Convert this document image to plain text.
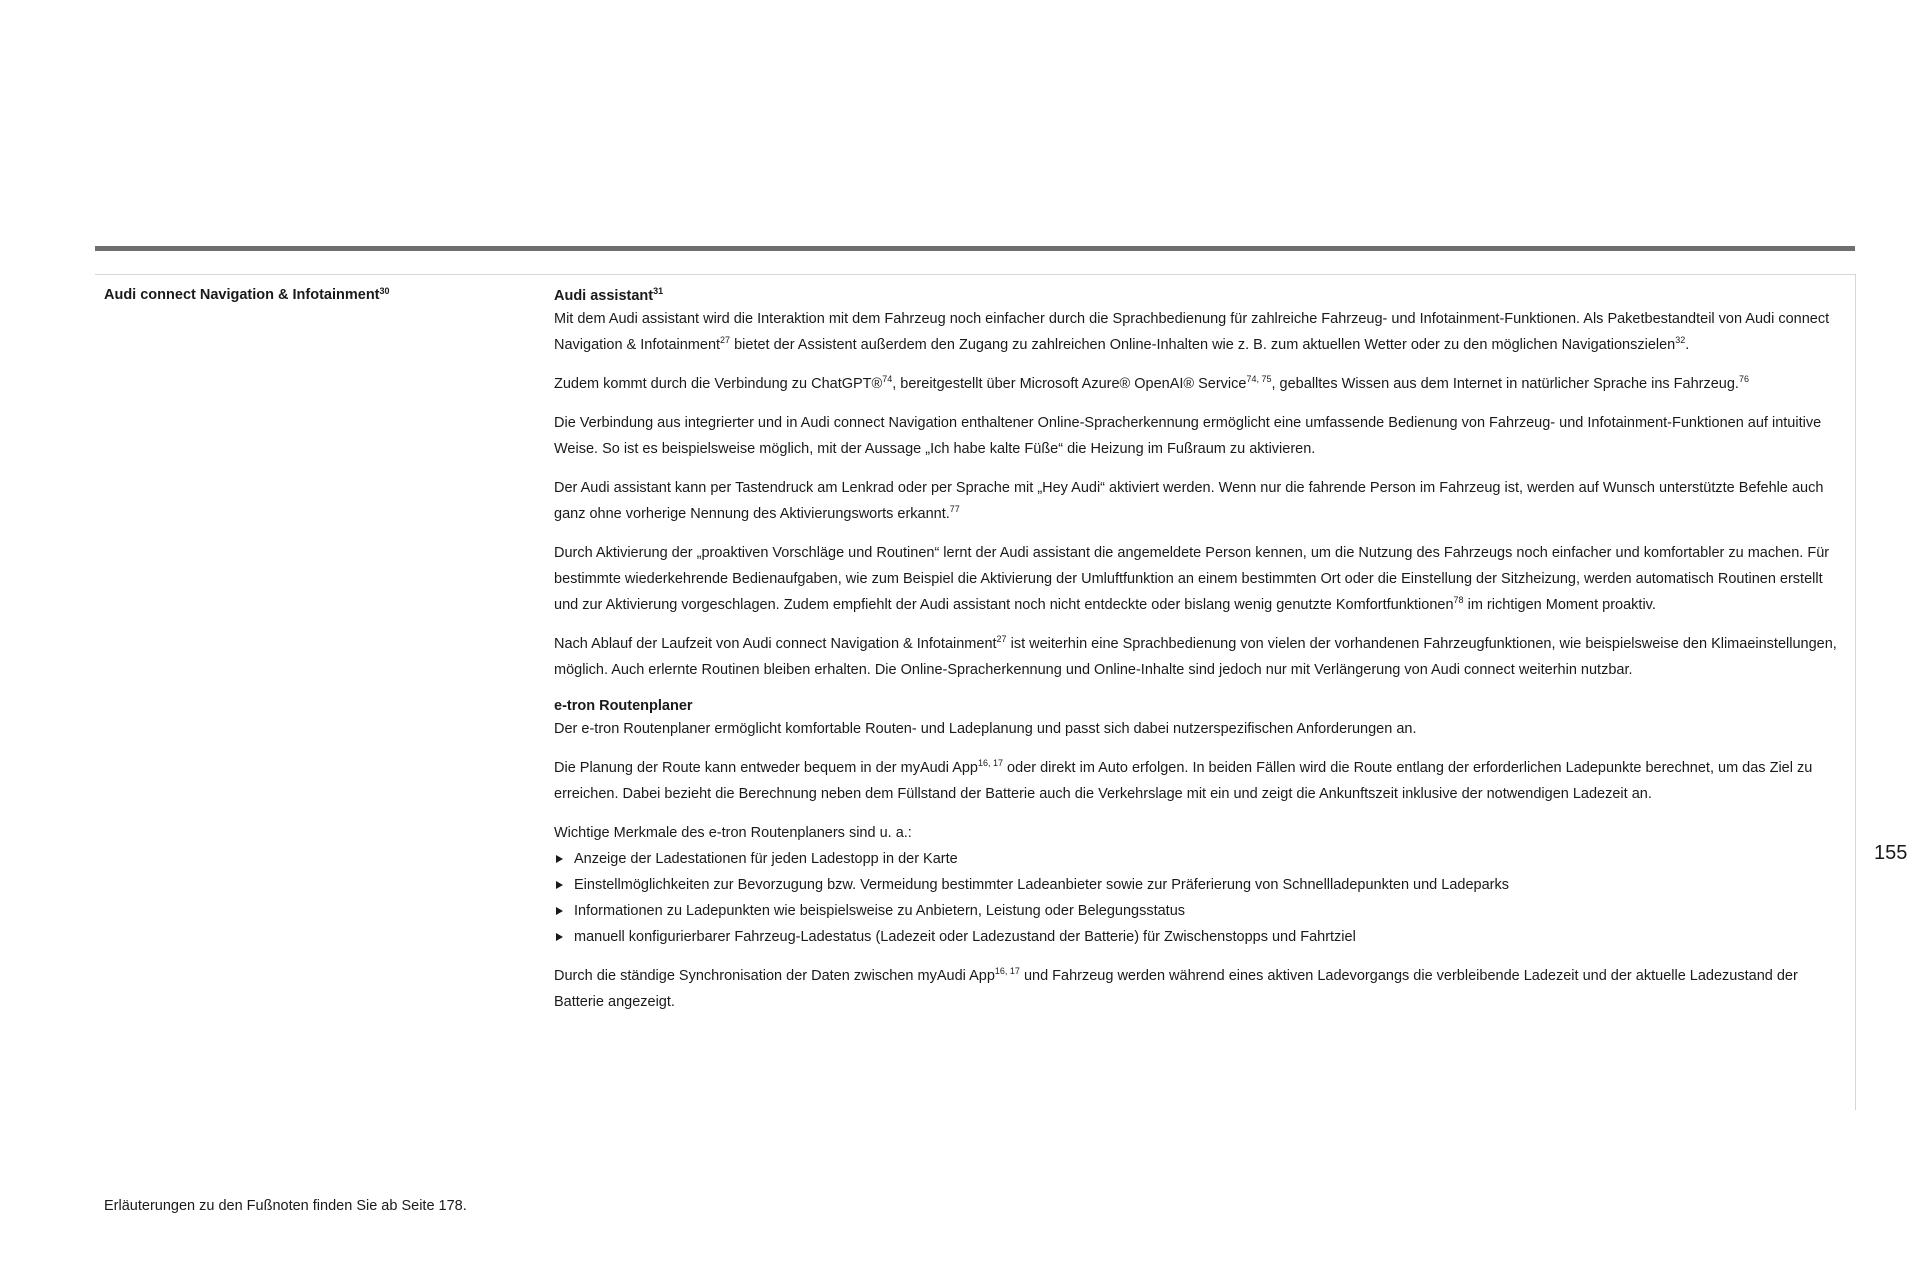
Audi connect Navigation & Infotainment$^{30}$	Audi assistant$^{31}$

Mit dem Audi assistant wird die Interaktion mit dem Fahrzeug noch einfacher durch die Sprachbedienung für zahlreiche Fahrzeug- und Infotainment-Funktionen. Als Paketbestandteil von Audi connect Navigation & Infotainment$^{27}$ bietet der Assistent außerdem den Zugang zu zahlreichen Online-Inhalten wie z. B. zum aktuellen Wetter oder zu den möglichen Navigationszielen$^{32}$.

Zudem kommt durch die Verbindung zu ChatGPT®$^{74}$, bereitgestellt über Microsoft Azure® OpenAI® Service$^{74, 75}$, geballtes Wissen aus dem Internet in natürlicher Sprache ins Fahrzeug.$^{76}$

Die Verbindung aus integrierter und in Audi connect Navigation enthaltener Online-Spracherkennung ermöglicht eine umfassende Bedienung von Fahrzeug- und Infotainment-Funktionen auf intuitive Weise. So ist es beispielsweise möglich, mit der Aussage „Ich habe kalte Füße“ die Heizung im Fußraum zu aktivieren.

Der Audi assistant kann per Tastendruck am Lenkrad oder per Sprache mit „Hey Audi“ aktiviert werden. Wenn nur die fahrende Person im Fahrzeug ist, werden auf Wunsch unterstützte Befehle auch ganz ohne vorherige Nennung des Aktivierungsworts erkannt.$^{77}$

Durch Aktivierung der „proaktiven Vorschläge und Routinen“ lernt der Audi assistant die angemeldete Person kennen, um die Nutzung des Fahrzeugs noch einfacher und komfortabler zu machen. Für bestimmte wiederkehrende Bedienaufgaben, wie zum Beispiel die Aktivierung der Umluftfunktion an einem bestimmten Ort oder die Einstellung der Sitzheizung, werden automatisch Routinen erstellt und zur Aktivierung vorgeschlagen. Zudem empfiehlt der Audi assistant noch nicht entdeckte oder bislang wenig genutzte Komfortfunktionen$^{78}$ im richtigen Moment proaktiv.

Nach Ablauf der Laufzeit von Audi connect Navigation & Infotainment$^{27}$ ist weiterhin eine Sprachbedienung von vielen der vorhandenen Fahrzeugfunktionen, wie beispielsweise den Klimaeinstellungen, möglich. Auch erlernte Routinen bleiben erhalten. Die Online-Spracherkennung und Online-Inhalte sind jedoch nur mit Verlängerung von Audi connect weiterhin nutzbar.

e-tron Routenplaner

Der e-tron Routenplaner ermöglicht komfortable Routen- und Ladeplanung und passt sich dabei nutzerspezifischen Anforderungen an.

Die Planung der Route kann entweder bequem in der myAudi App$^{16, 17}$ oder direkt im Auto erfolgen. In beiden Fällen wird die Route entlang der erforderlichen Ladepunkte berechnet, um das Ziel zu erreichen. Dabei bezieht die Berechnung neben dem Füllstand der Batterie auch die Verkehrslage mit ein und zeigt die Ankunftszeit inklusive der notwendigen Ladezeit an.

Wichtige Merkmale des e-tron Routenplaners sind u. a.:
Anzeige der Ladestationen für jeden Ladestopp in der Karte
Einstellmöglichkeiten zur Bevorzugung bzw. Vermeidung bestimmter Ladeanbieter sowie zur Präferierung von Schnellladepunkten und Ladeparks
Informationen zu Ladepunkten wie beispielsweise zu Anbietern, Leistung oder Belegungsstatus
manuell konfigurierbarer Fahrzeug-Ladestatus (Ladezeit oder Ladezustand der Batterie) für Zwischenstopps und Fahrtziel

Durch die ständige Synchronisation der Daten zwischen myAudi App$^{16, 17}$ und Fahrzeug werden während eines aktiven Ladevorgangs die verbleibende Ladezeit und der aktuelle Ladezustand der Batterie angezeigt.

155
Erläuterungen zu den Fußnoten finden Sie ab Seite 178.
